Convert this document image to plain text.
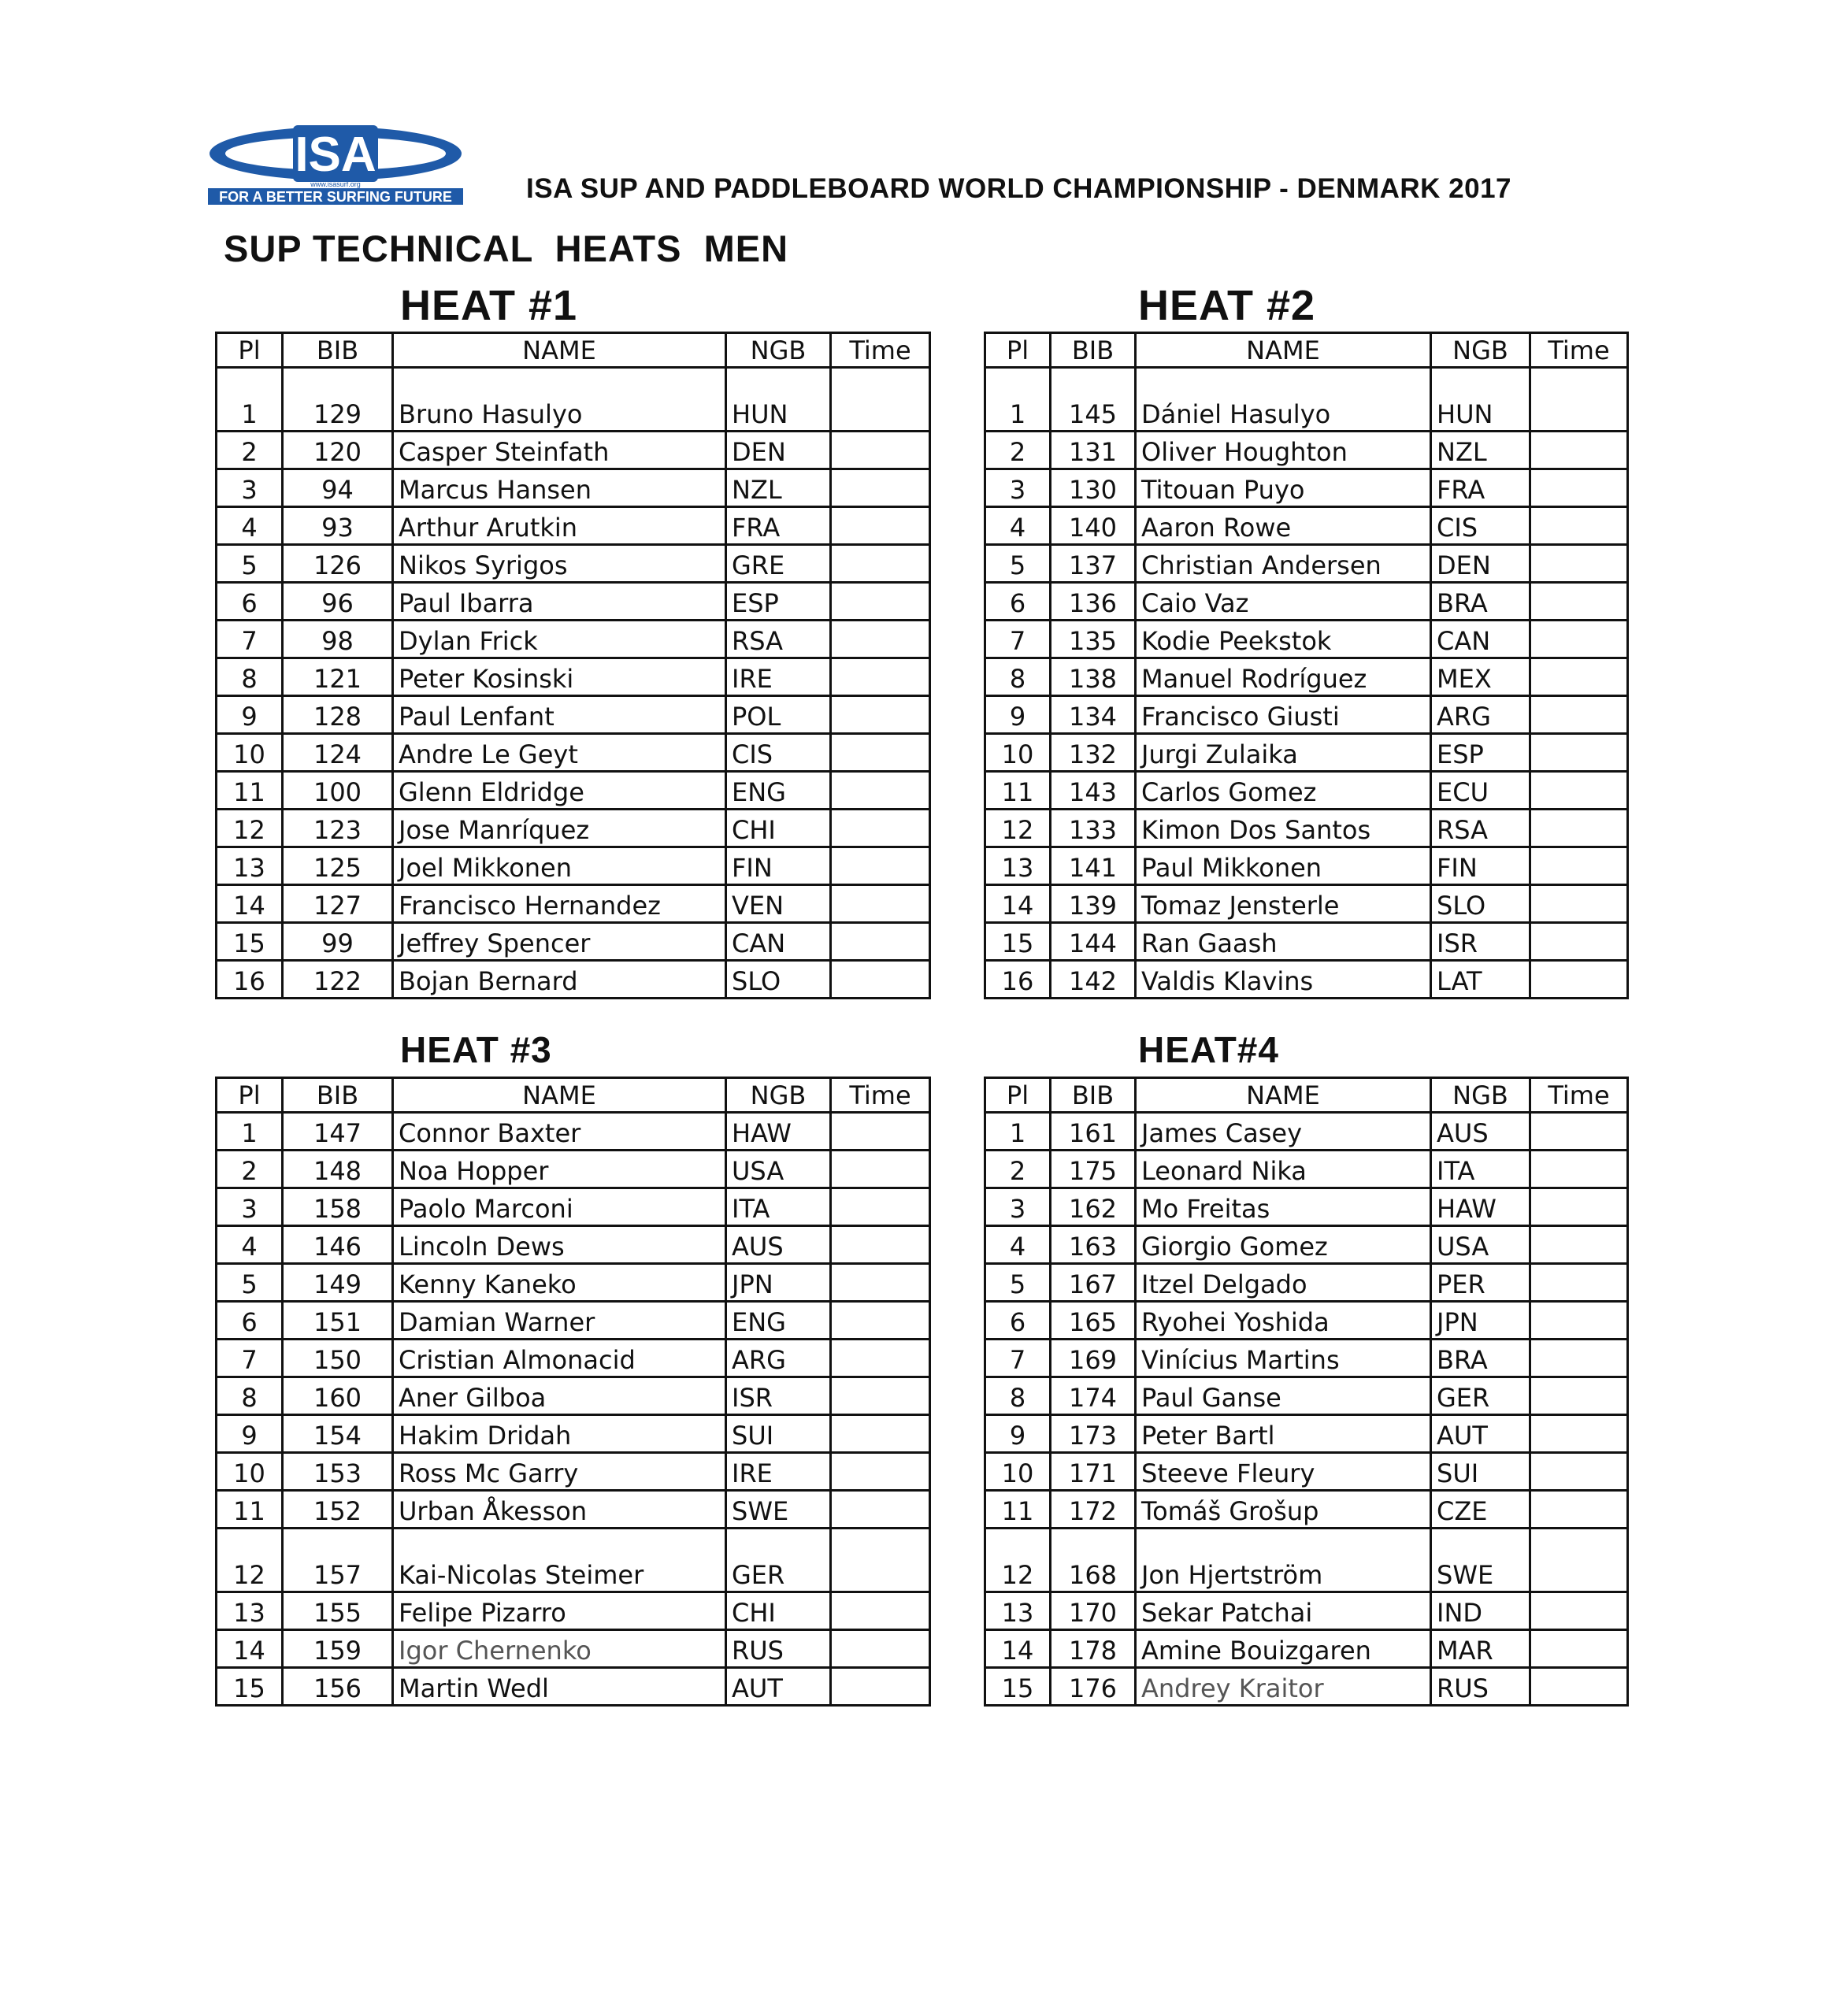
ISA
www.isasurf.org
FOR A BETTER SURFING FUTURE	ISA SUP AND PADDLEBOARD WORLD CHAMPIONSHIP - DENMARK 2017
SUP TECHNICAL  HEATS  MEN
HEAT #1	HEAT #2
HEAT #3	HEAT#4
Pl	BIB	NAME	NGB	Time
1	129	Bruno Hasulyo	HUN	
2	120	Casper Steinfath	DEN	
3	94	Marcus Hansen	NZL	
4	93	Arthur Arutkin	FRA	
5	126	Nikos Syrigos	GRE	
6	96	Paul Ibarra	ESP	
7	98	Dylan Frick	RSA	
8	121	Peter Kosinski	IRE	
9	128	Paul Lenfant	POL	
10	124	Andre Le Geyt	CIS	
11	100	Glenn Eldridge	ENG	
12	123	Jose Manríquez	CHI	
13	125	Joel Mikkonen	FIN	
14	127	Francisco Hernandez	VEN	
15	99	Jeffrey Spencer	CAN	
16	122	Bojan Bernard	SLO	
Pl	BIB	NAME	NGB	Time
1	145	Dániel Hasulyo	HUN	
2	131	Oliver Houghton	NZL	
3	130	Titouan Puyo	FRA	
4	140	Aaron Rowe	CIS	
5	137	Christian Andersen	DEN	
6	136	Caio Vaz	BRA	
7	135	Kodie Peekstok	CAN	
8	138	Manuel Rodríguez	MEX	
9	134	Francisco Giusti	ARG	
10	132	Jurgi Zulaika	ESP	
11	143	Carlos Gomez	ECU	
12	133	Kimon Dos Santos	RSA	
13	141	Paul Mikkonen	FIN	
14	139	Tomaz Jensterle	SLO	
15	144	Ran Gaash	ISR	
16	142	Valdis Klavins	LAT	
Pl	BIB	NAME	NGB	Time
1	147	Connor Baxter	HAW	
2	148	Noa Hopper	USA	
3	158	Paolo Marconi	ITA	
4	146	Lincoln Dews	AUS	
5	149	Kenny Kaneko	JPN	
6	151	Damian Warner	ENG	
7	150	Cristian Almonacid	ARG	
8	160	Aner Gilboa	ISR	
9	154	Hakim Dridah	SUI	
10	153	Ross Mc Garry	IRE	
11	152	Urban Åkesson	SWE	
12	157	Kai-Nicolas Steimer	GER	
13	155	Felipe Pizarro	CHI	
14	159	Igor Chernenko	RUS	
15	156	Martin Wedl	AUT	
Pl	BIB	NAME	NGB	Time
1	161	James Casey	AUS	
2	175	Leonard Nika	ITA	
3	162	Mo Freitas	HAW	
4	163	Giorgio Gomez	USA	
5	167	Itzel Delgado	PER	
6	165	Ryohei Yoshida	JPN	
7	169	Vinícius Martins	BRA	
8	174	Paul Ganse	GER	
9	173	Peter Bartl	AUT	
10	171	Steeve Fleury	SUI	
11	172	Tomáš Grošup	CZE	
12	168	Jon Hjertström	SWE	
13	170	Sekar Patchai	IND	
14	178	Amine Bouizgaren	MAR	
15	176	Andrey Kraitor	RUS	
